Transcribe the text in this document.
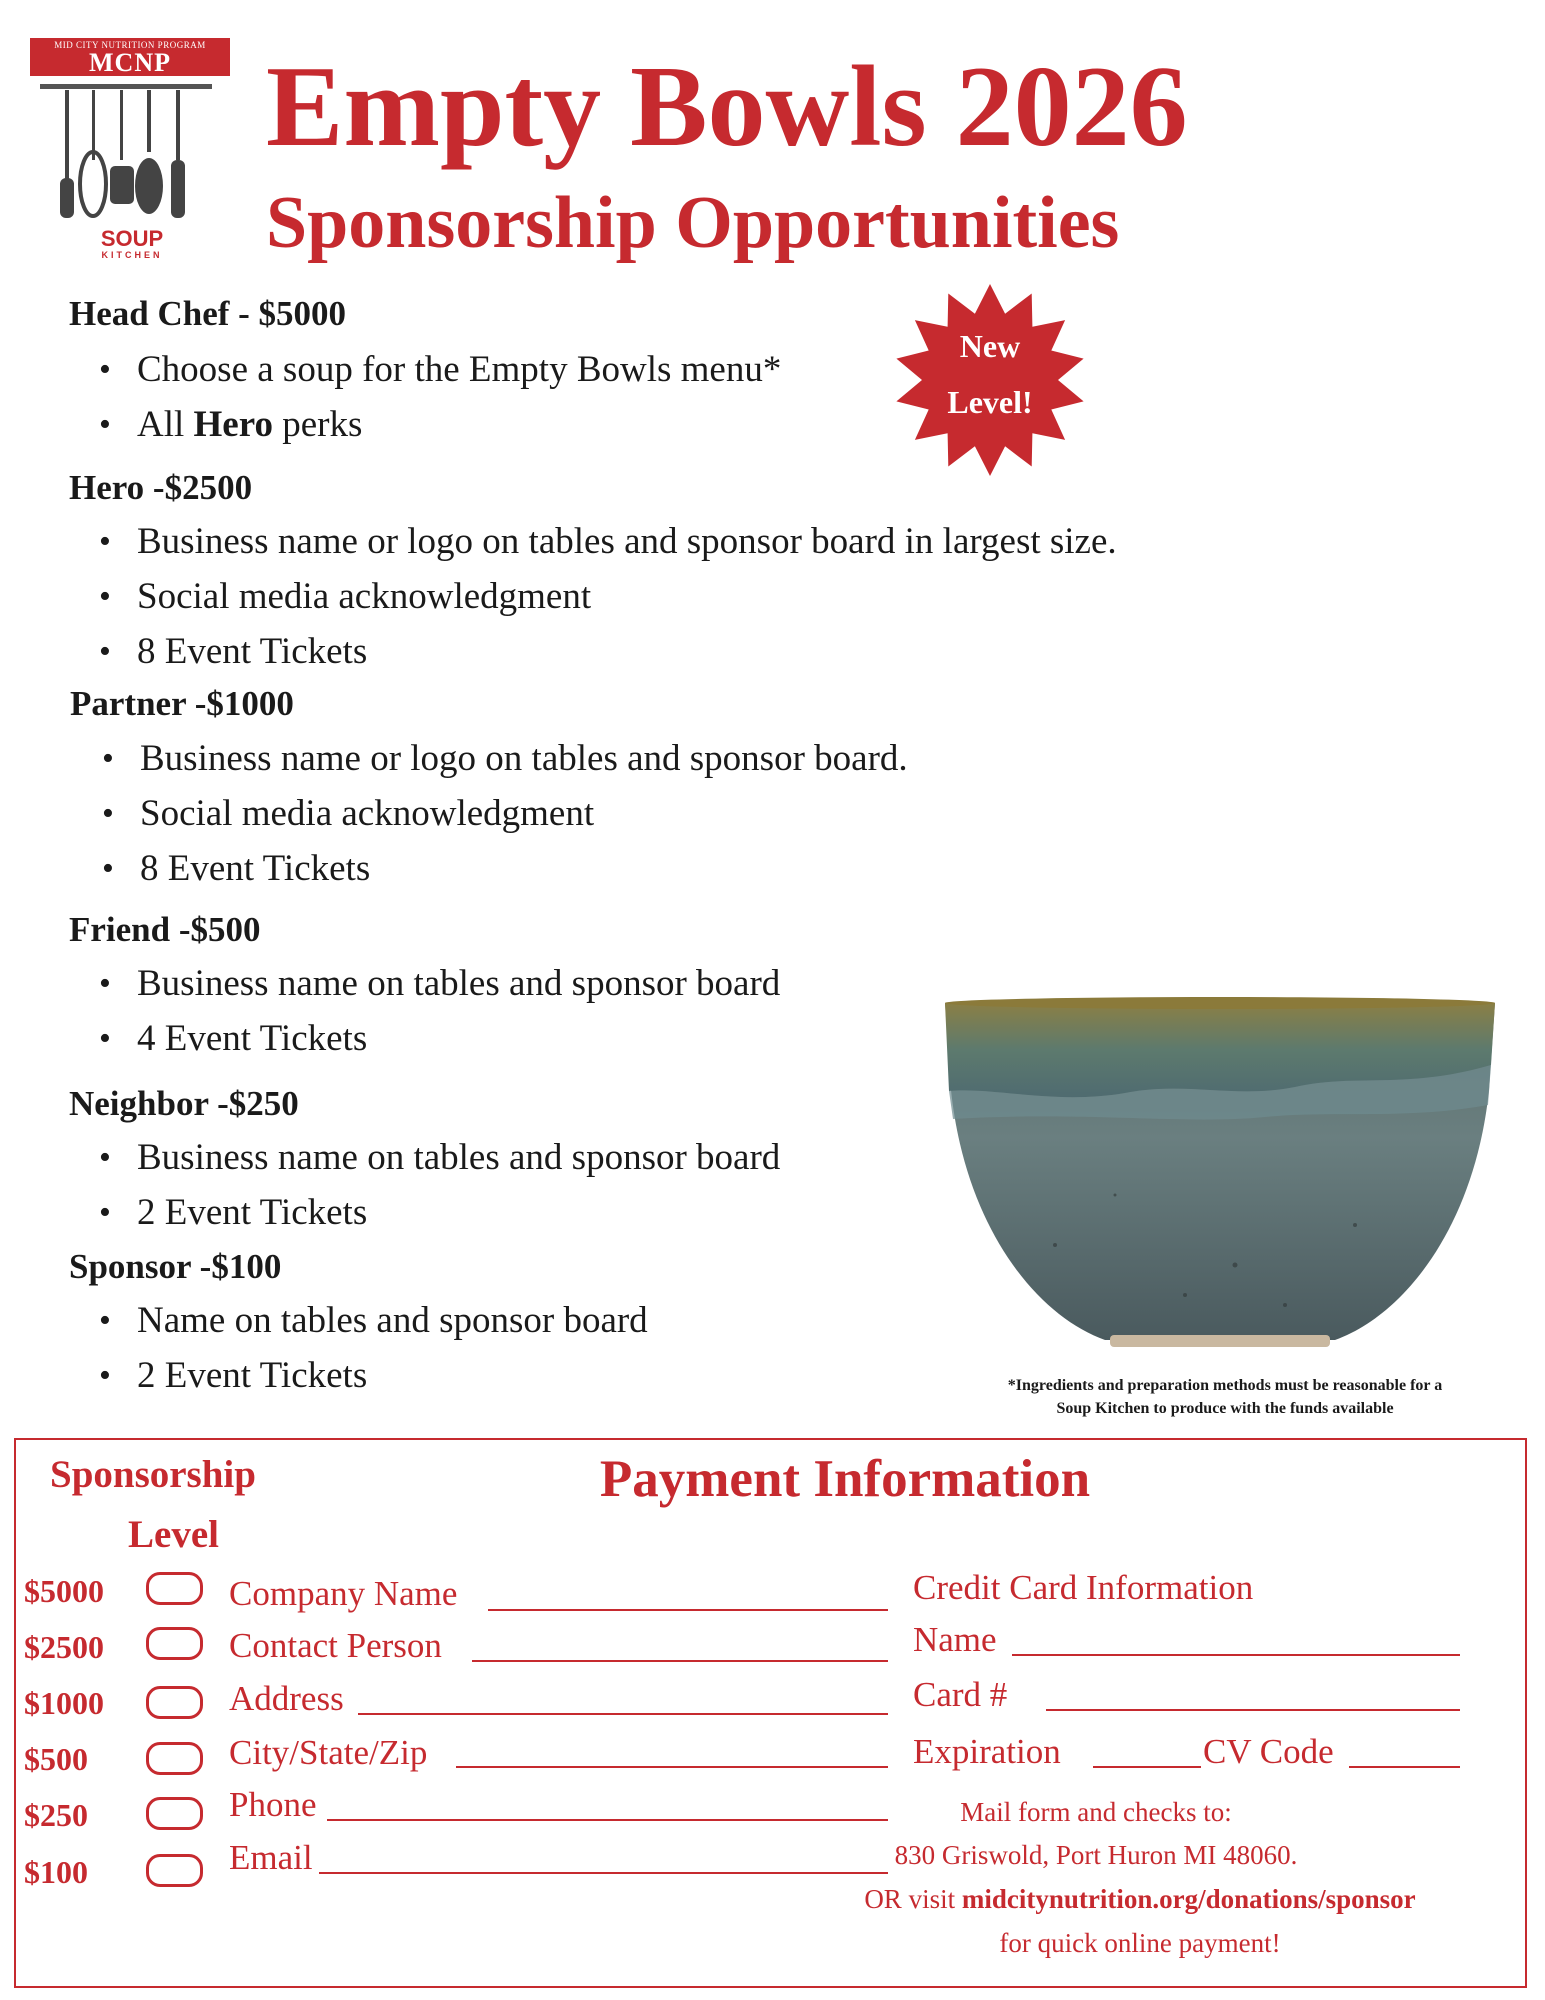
MID CITY NUTRITION PROGRAM
MCNP
SOUP
KITCHEN
Empty Bowls 2026
Sponsorship Opportunities
New
Level!
Head Chef - $5000
• Choose a soup for the Empty Bowls menu*
• All Hero perks
Hero -$2500
• Business name or logo on tables and sponsor board in largest size.
• Social media acknowledgment
• 8 Event Tickets
Partner -$1000
• Business name or logo on tables and sponsor board.
• Social media acknowledgment
• 8 Event Tickets
Friend -$500
• Business name on tables and sponsor board
• 4 Event Tickets
Neighbor -$250
• Business name on tables and sponsor board
• 2 Event Tickets
Sponsor -$100
• Name on tables and sponsor board
• 2 Event Tickets	*Ingredients and preparation methods must be reasonable for a
Soup Kitchen to produce with the funds available
Sponsorship
Level
Payment Information
$5000
$2500
$1000
$500
$250
$100
Company Name
Contact Person
Address
City/State/Zip
Phone
Email
Credit Card Information
Name
Card #
Expiration	CV Code
Mail form and checks to:
830 Griswold, Port Huron MI 48060.
OR visit midcitynutrition.org/donations/sponsor
for quick online payment!
